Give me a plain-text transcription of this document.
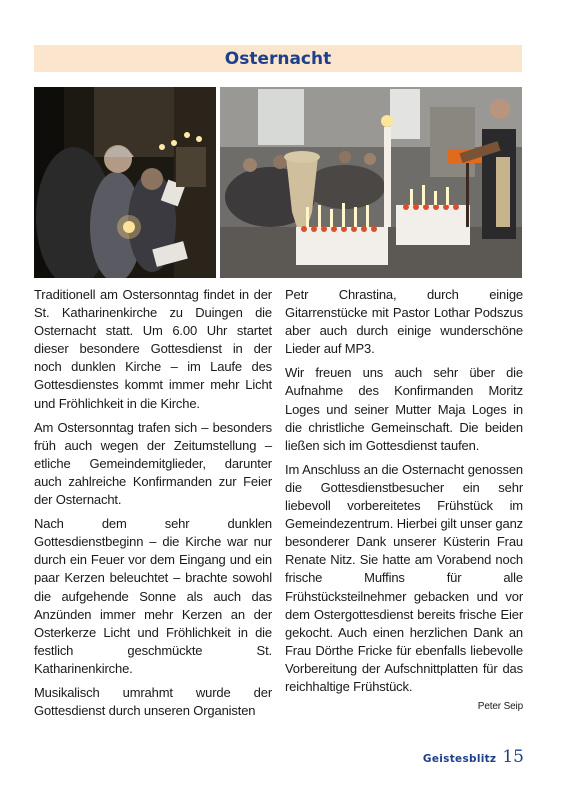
Osternacht

Traditionell am Ostersonntag findet in der St. Katharinenkirche zu Duingen die Osternacht statt. Um 6.00 Uhr startet dieser besondere Gottesdienst in der noch dunklen Kirche – im Laufe des Gottesdienstes kommt immer mehr Licht und Fröhlichkeit in die Kirche.

Am Ostersonntag trafen sich – besonders früh auch wegen der Zeitumstellung – etliche Gemeindemitglieder, darunter auch zahlreiche Konfirmanden zur Feier der Osternacht.

Nach dem sehr dunklen Gottesdienstbeginn – die Kirche war nur durch ein Feuer vor dem Eingang und ein paar Kerzen beleuchtet – brachte sowohl die aufgehende Sonne als auch das Anzünden immer mehr Kerzen an der Osterkerze Licht und Fröhlichkeit in die festlich geschmückte St. Katharinenkirche.

Musikalisch umrahmt wurde der Gottesdienst durch unseren Organisten

Petr Chrastina, durch einige Gitarrenstücke mit Pastor Lothar Podszus aber auch durch einige wunderschöne Lieder auf MP3.

Wir freuen uns auch sehr über die Aufnahme des Konfirmanden Moritz Loges und seiner Mutter Maja Loges in die christliche Gemeinschaft. Die beiden ließen sich im Gottesdienst taufen.

Im Anschluss an die Osternacht genossen die Gottesdienstbesucher ein sehr liebevoll vorbereitetes Frühstück im Gemeindezentrum. Hierbei gilt unser ganz besonderer Dank unserer Küsterin Frau Renate Nitz. Sie hatte am Vorabend noch frische Muffins für alle Frühstücksteilnehmer gebacken und vor dem Ostergottesdienst bereits frische Eier gekocht. Auch einen herzlichen Dank an Frau Dörthe Fricke für ebenfalls liebevolle Vorbereitung der Aufschnittplatten für das reichhaltige Frühstück.

Peter Seip
Geistesblitz 15
